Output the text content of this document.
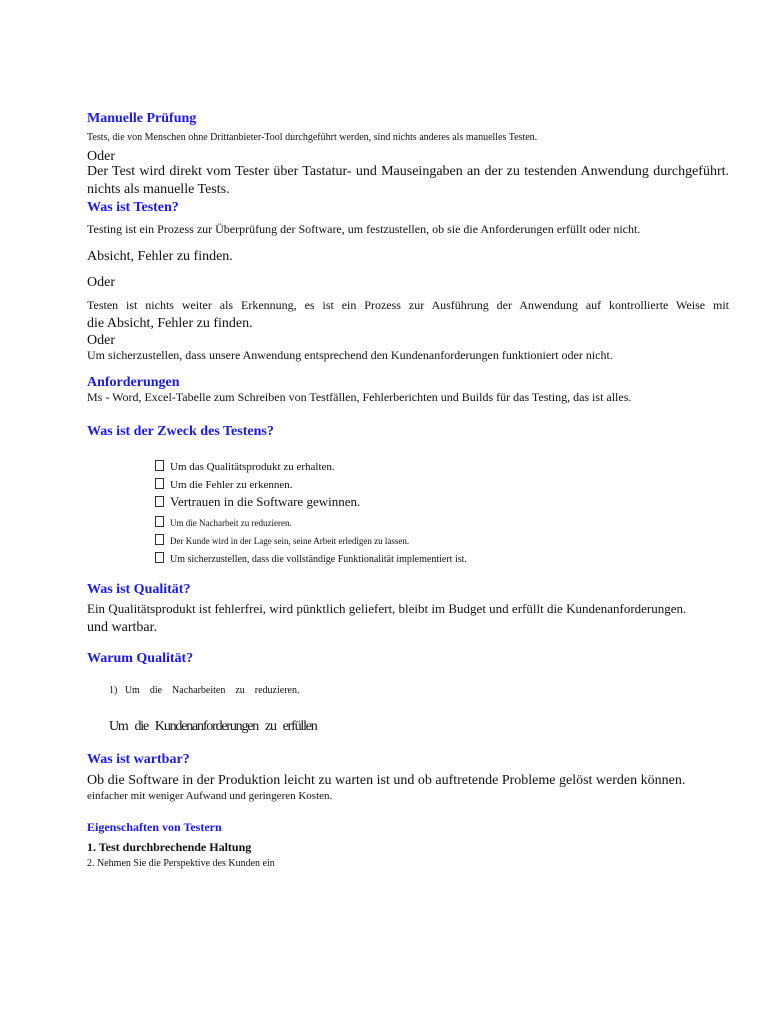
Manuelle Prüfung
Tests, die von Menschen ohne Drittanbieter-Tool durchgeführt werden, sind nichts anderes als manuelles Testen.
Oder
Der Test wird direkt vom Tester über Tastatur- und Mauseingaben an der zu testenden Anwendung durchgeführt.
nichts als manuelle Tests.
Was ist Testen?
Testing ist ein Prozess zur Überprüfung der Software, um festzustellen, ob sie die Anforderungen erfüllt oder nicht.
Absicht, Fehler zu finden.
Oder
Testen ist nichts weiter als Erkennung, es ist ein Prozess zur Ausführung der Anwendung auf kontrollierte Weise mit
die Absicht, Fehler zu finden.
Oder
Um sicherzustellen, dass unsere Anwendung entsprechend den Kundenanforderungen funktioniert oder nicht.
Anforderungen
Ms - Word, Excel-Tabelle zum Schreiben von Testfällen, Fehlerberichten und Builds für das Testing, das ist alles.
Was ist der Zweck des Testens?
Um das Qualitätsprodukt zu erhalten.
Um die Fehler zu erkennen.
Vertrauen in die Software gewinnen.
Um die Nacharbeit zu reduzieren.
Der Kunde wird in der Lage sein, seine Arbeit erledigen zu lassen.
Um sicherzustellen, dass die vollständige Funktionalität implementiert ist.
Was ist Qualität?
Ein Qualitätsprodukt ist fehlerfrei, wird pünktlich geliefert, bleibt im Budget und erfüllt die Kundenanforderungen.
und wartbar.
Warum Qualität?
1)   Um    die    Nacharbeiten    zu    reduzieren.
Um   die   Kundenanforderungen   zu   erfüllen
Was ist wartbar?
Ob die Software in der Produktion leicht zu warten ist und ob auftretende Probleme gelöst werden können.
einfacher mit weniger Aufwand und geringeren Kosten.
Eigenschaften von Testern
1. Test durchbrechende Haltung
2. Nehmen Sie die Perspektive des Kunden ein
